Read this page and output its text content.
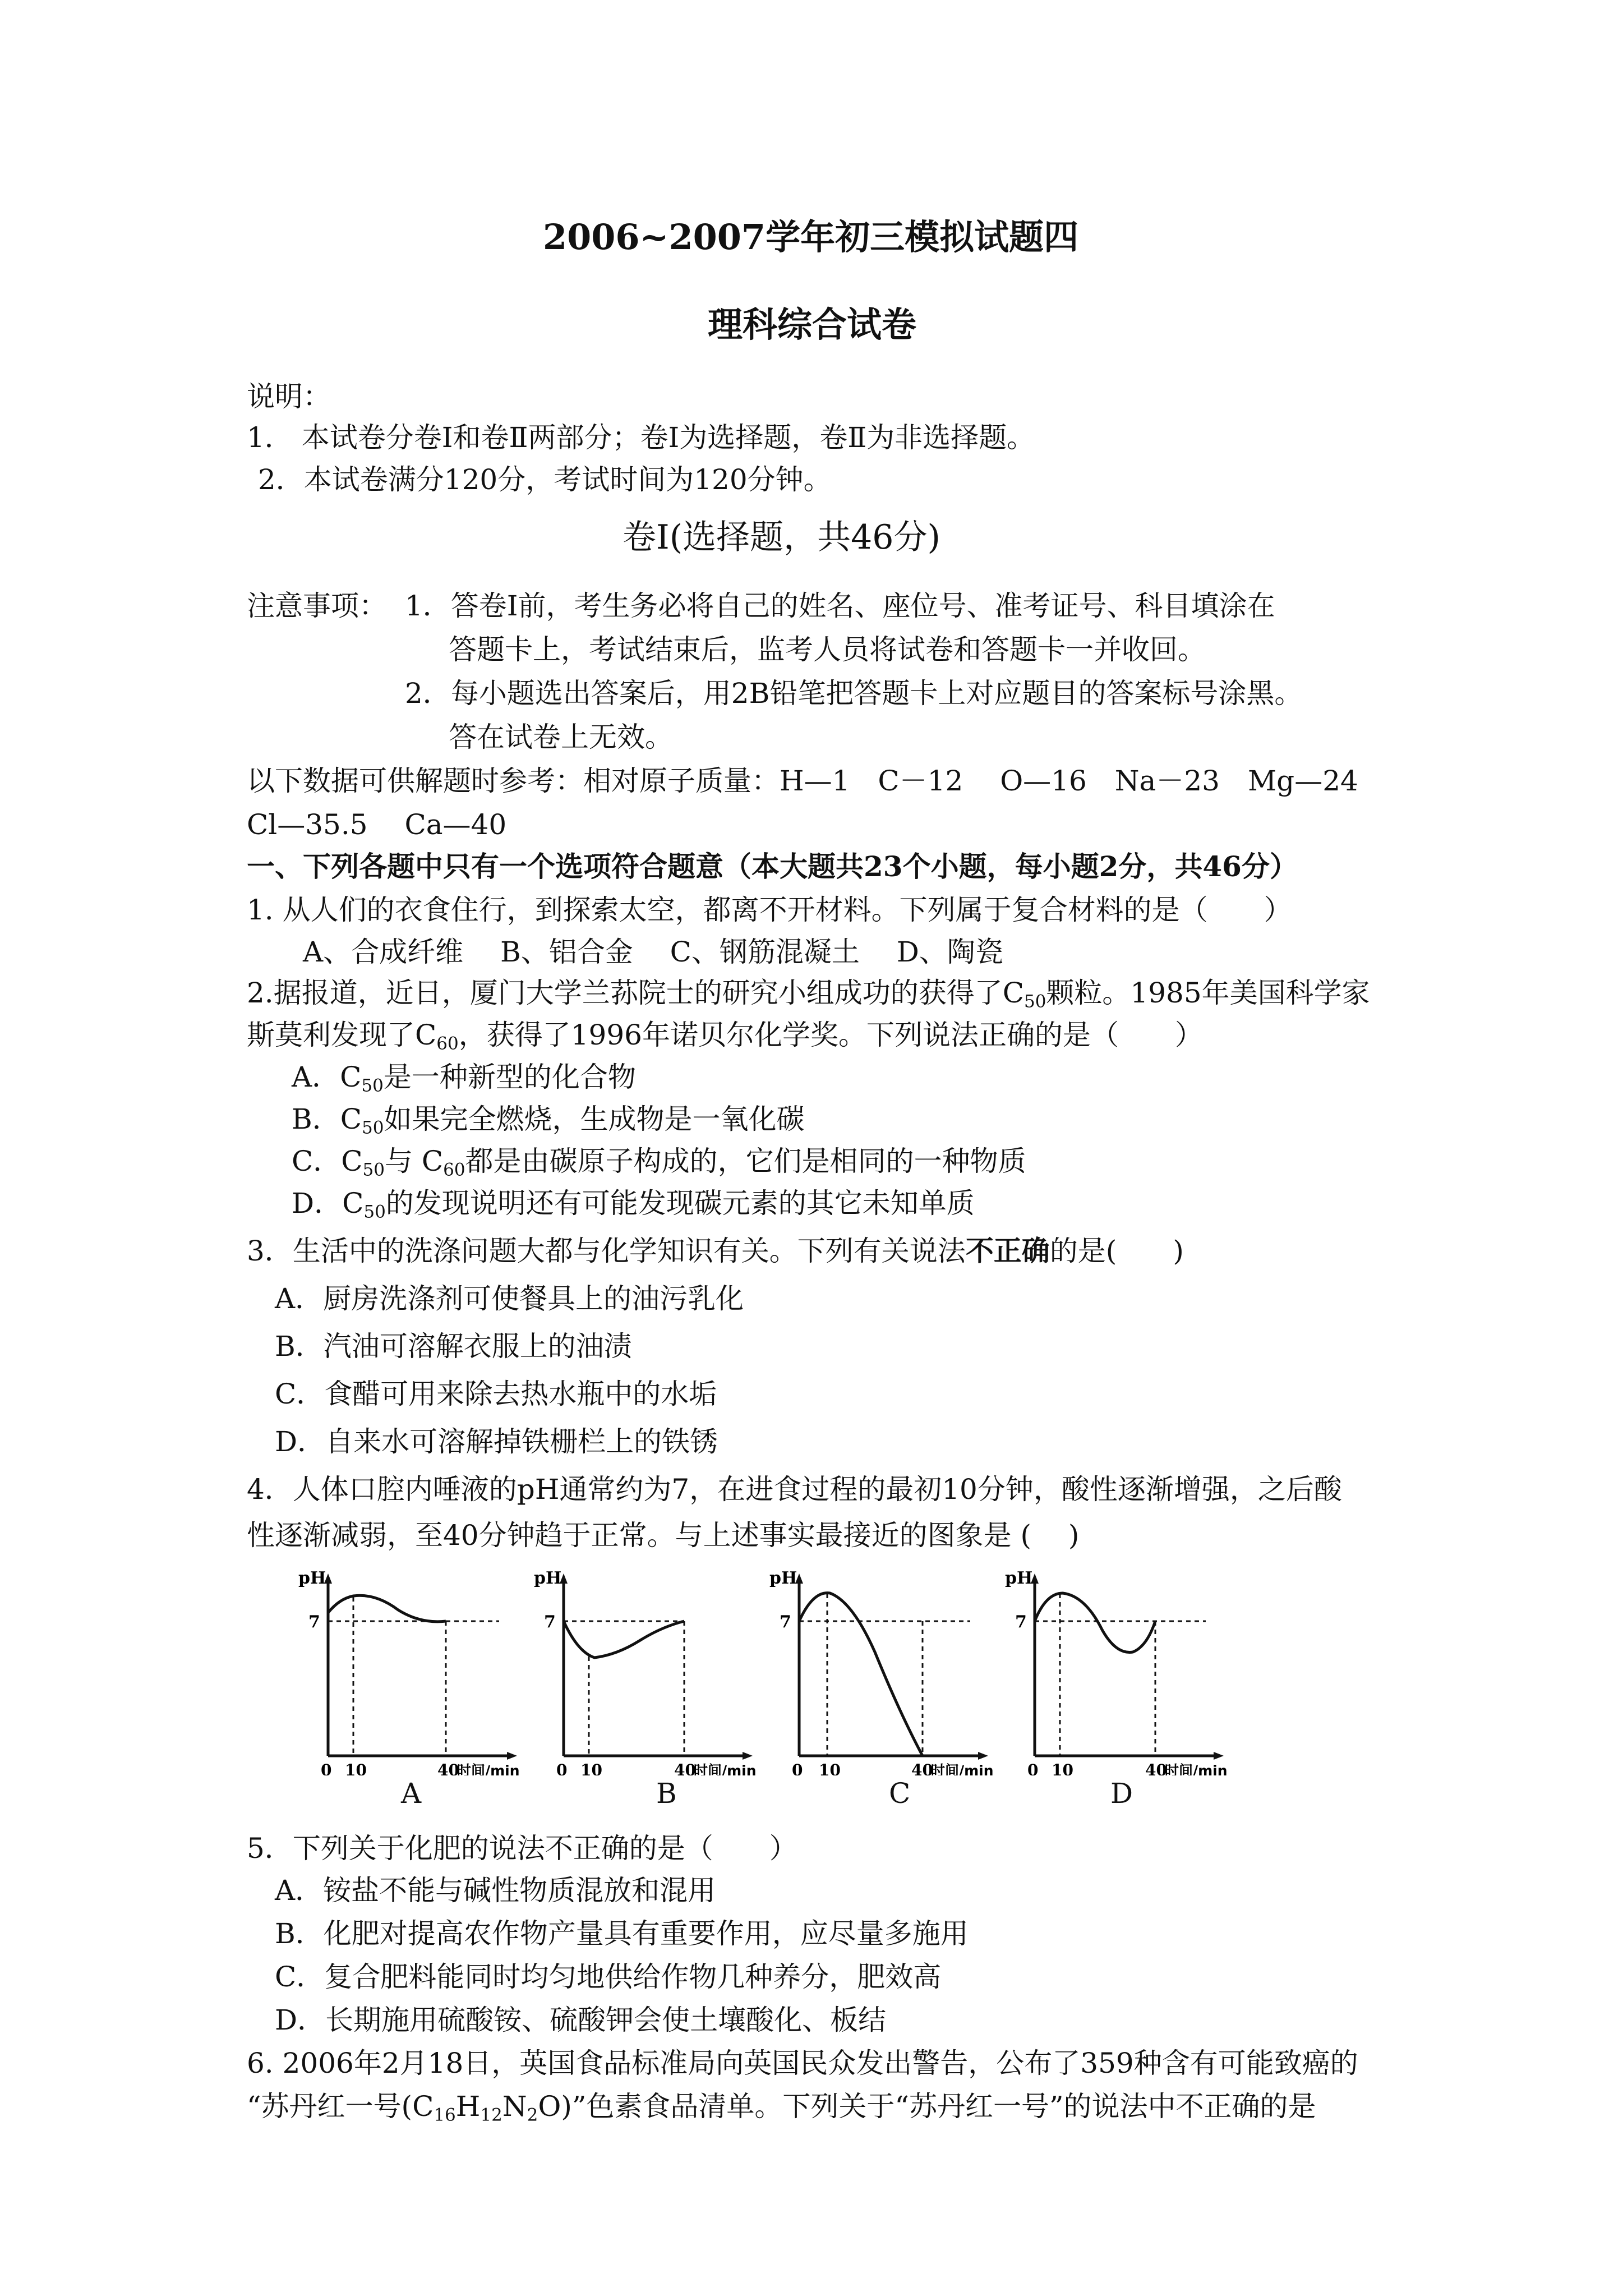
2006~2007学年初三模拟试题四
理科综合试卷
说明：
1． 本试卷分卷Ⅰ和卷Ⅱ两部分；卷Ⅰ为选择题，卷Ⅱ为非选择题。
2．本试卷满分120分，考试时间为120分钟。
卷Ⅰ(选择题，共46分)
注意事项： 1．答卷Ⅰ前，考生务必将自己的姓名、座位号、准考证号、科目填涂在
答题卡上，考试结束后，监考人员将试卷和答题卡一并收回。
2．每小题选出答案后，用2B铅笔把答题卡上对应题目的答案标号涂黑。
答在试卷上无效。
以下数据可供解题时参考：相对原子质量：H—1　C－12　 O—16　Na－23　Mg—24
Cl—35.5　 Ca—40
一、下列各题中只有一个选项符合题意（本大题共23个小题，每小题2分，共46分）
1. 从人们的衣食住行，到探索太空，都离不开材料。下列属于复合材料的是（　　）
A、合成纤维　 B、铝合金　 C、钢筋混凝土　 D、陶瓷
2.据报道，近日，厦门大学兰荪院士的研究小组成功的获得了$C_{50}$颗粒。1985年美国科学家
斯莫利发现了$C_{60}$，获得了1996年诺贝尔化学奖。下列说法正确的是（　　）
A．$C_{50}$是一种新型的化合物
B．$C_{50}$如果完全燃烧，生成物是一氧化碳
C．$C_{50}$与 $C_{60}$都是由碳原子构成的，它们是相同的一种物质
D．$C_{50}$的发现说明还有可能发现碳元素的其它未知单质
3．生活中的洗涤问题大都与化学知识有关。下列有关说法不正确的是(　　)
A．厨房洗涤剂可使餐具上的油污乳化
B．汽油可溶解衣服上的油渍
C．食醋可用来除去热水瓶中的水垢
D．自来水可溶解掉铁栅栏上的铁锈
4．人体口腔内唾液的pH通常约为7，在进食过程的最初10分钟，酸性逐渐增强，之后酸
性逐渐减弱，至40分钟趋于正常。与上述事实最接近的图象是 (　 )
pH
7
0 10	40
时间/min
pH
7
0 10	40
时间/min
pH
7
0 10	40
时间/min
pH
7
0 10	40
时间/min
A	B	C	D
5．下列关于化肥的说法不正确的是（　　）
A．铵盐不能与碱性物质混放和混用
B．化肥对提高农作物产量具有重要作用，应尽量多施用
C．复合肥料能同时均匀地供给作物几种养分，肥效高
D．长期施用硫酸铵、硫酸钾会使土壤酸化、板结
6. 2006年2月18日，英国食品标准局向英国民众发出警告，公布了359种含有可能致癌的
“苏丹红一号$(C_{16}H_{12}N_2O)$”色素食品清单。下列关于“苏丹红一号”的说法中不正确的是
